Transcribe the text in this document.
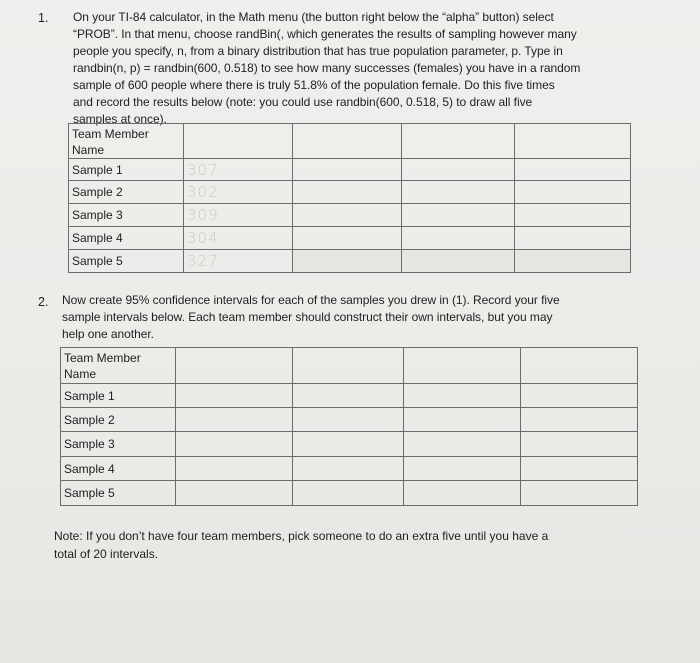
1. On your TI-84 calculator, in the Math menu (the button right below the “alpha” button) select
“PROB”. In that menu, choose randBin(, which generates the results of sampling however many
people you specify, n, from a binary distribution that has true population parameter, p. Type in
randbin(n, p) = randbin(600, 0.518) to see how many successes (females) you have in a random
sample of 600 people where there is truly 51.8% of the population female. Do this five times
and record the results below (note: you could use randbin(600, 0.518, 5) to draw all five
samples at once).
Team Member
Name				

Sample 1	307			
Sample 2	302			
Sample 3	309			
Sample 4	304			
Sample 5	327			
2. Now create 95% confidence intervals for each of the samples you drew in (1). Record your five
sample intervals below. Each team member should construct their own intervals, but you may
help one another.
Team Member
Name				

Sample 1				
Sample 2				
Sample 3				
Sample 4				
Sample 5				
Note: If you don’t have four team members, pick someone to do an extra five until you have a
total of 20 intervals.
